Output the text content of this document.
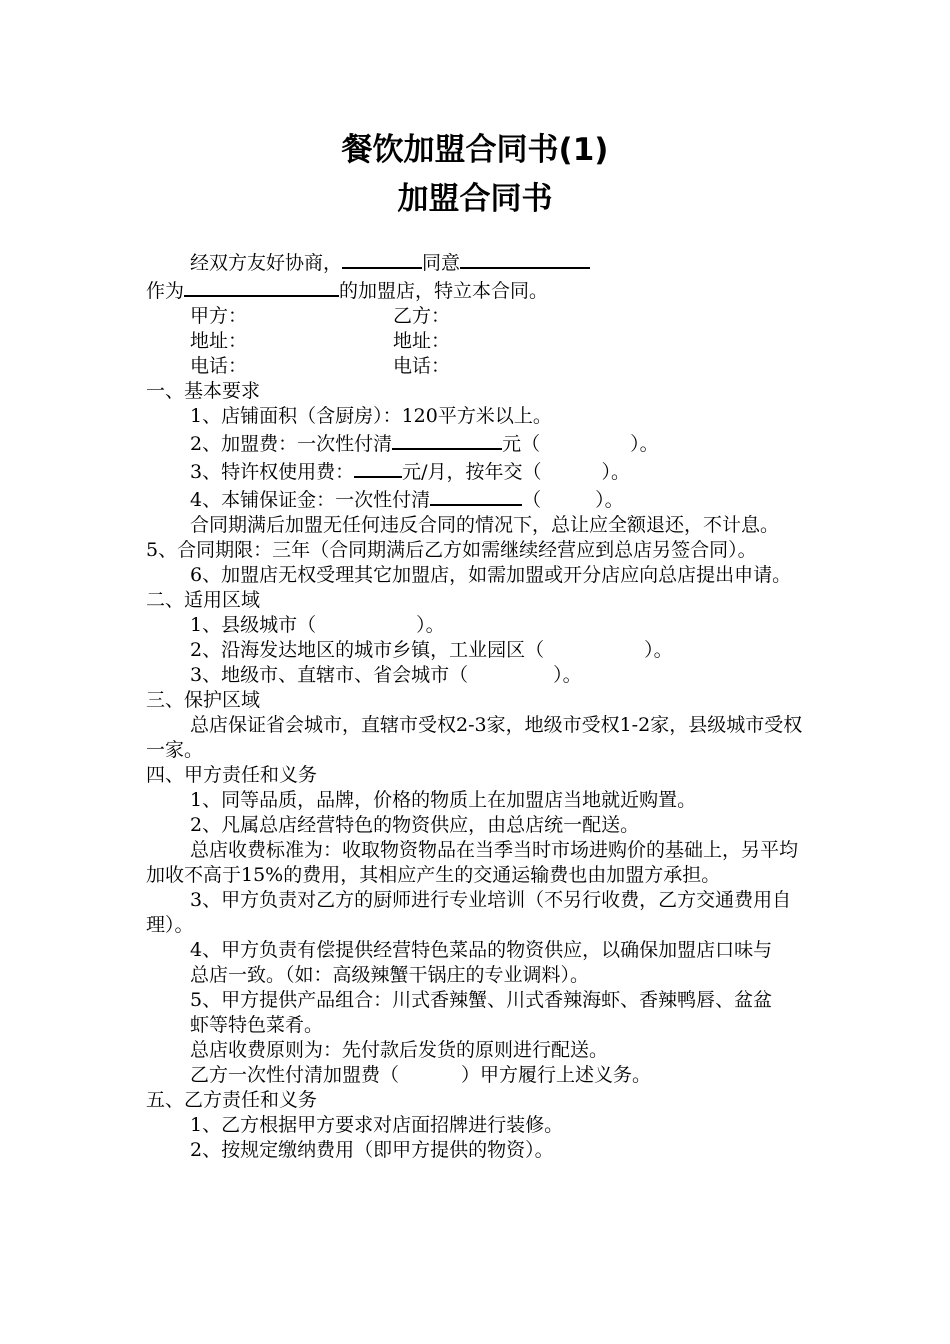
餐饮加盟合同书(1)
加盟合同书

经双方友好协商，	同意

作为	的加盟店，特立本合同。

甲方：	乙方：

地址：	地址：

电话：	电话：

一、基本要求

1、店铺面积（含厨房）：120平方米以上。

2、加盟费：一次性付清	元（	）。

3、特许权使用费：	元/月，按年交（	）。

4、本铺保证金：一次性付清	（	）。

合同期满后加盟无任何违反合同的情况下，总让应全额退还，不计息。5、合同期限：三年（合同期满后乙方如需继续经营应到总店另签合同）。

6、加盟店无权受理其它加盟店，如需加盟或开分店应向总店提出申请。

二、适用区域

1、县级城市（	）。

2、沿海发达地区的城市乡镇，工业园区（	）。

3、地级市、直辖市、省会城市（	）。

三、保护区域

总店保证省会城市，直辖市受权2-3家，地级市受权1-2家，县级城市受权一家。

四、甲方责任和义务

1、同等品质，品牌，价格的物质上在加盟店当地就近购置。

2、凡属总店经营特色的物资供应，由总店统一配送。

总店收费标准为：收取物资物品在当季当时市场进购价的基础上，另平均加收不高于15%的费用，其相应产生的交通运输费也由加盟方承担。

3、甲方负责对乙方的厨师进行专业培训（不另行收费，乙方交通费用自理）。

4、甲方负责有偿提供经营特色菜品的物资供应，以确保加盟店口味与总店一致。（如：高级辣蟹干锅庄的专业调料）。

5、甲方提供产品组合：川式香辣蟹、川式香辣海虾、香辣鸭唇、盆盆虾等特色菜肴。

总店收费原则为：先付款后发货的原则进行配送。

乙方一次性付清加盟费（	）甲方履行上述义务。

五、乙方责任和义务

1、乙方根据甲方要求对店面招牌进行装修。

2、按规定缴纳费用（即甲方提供的物资）。
